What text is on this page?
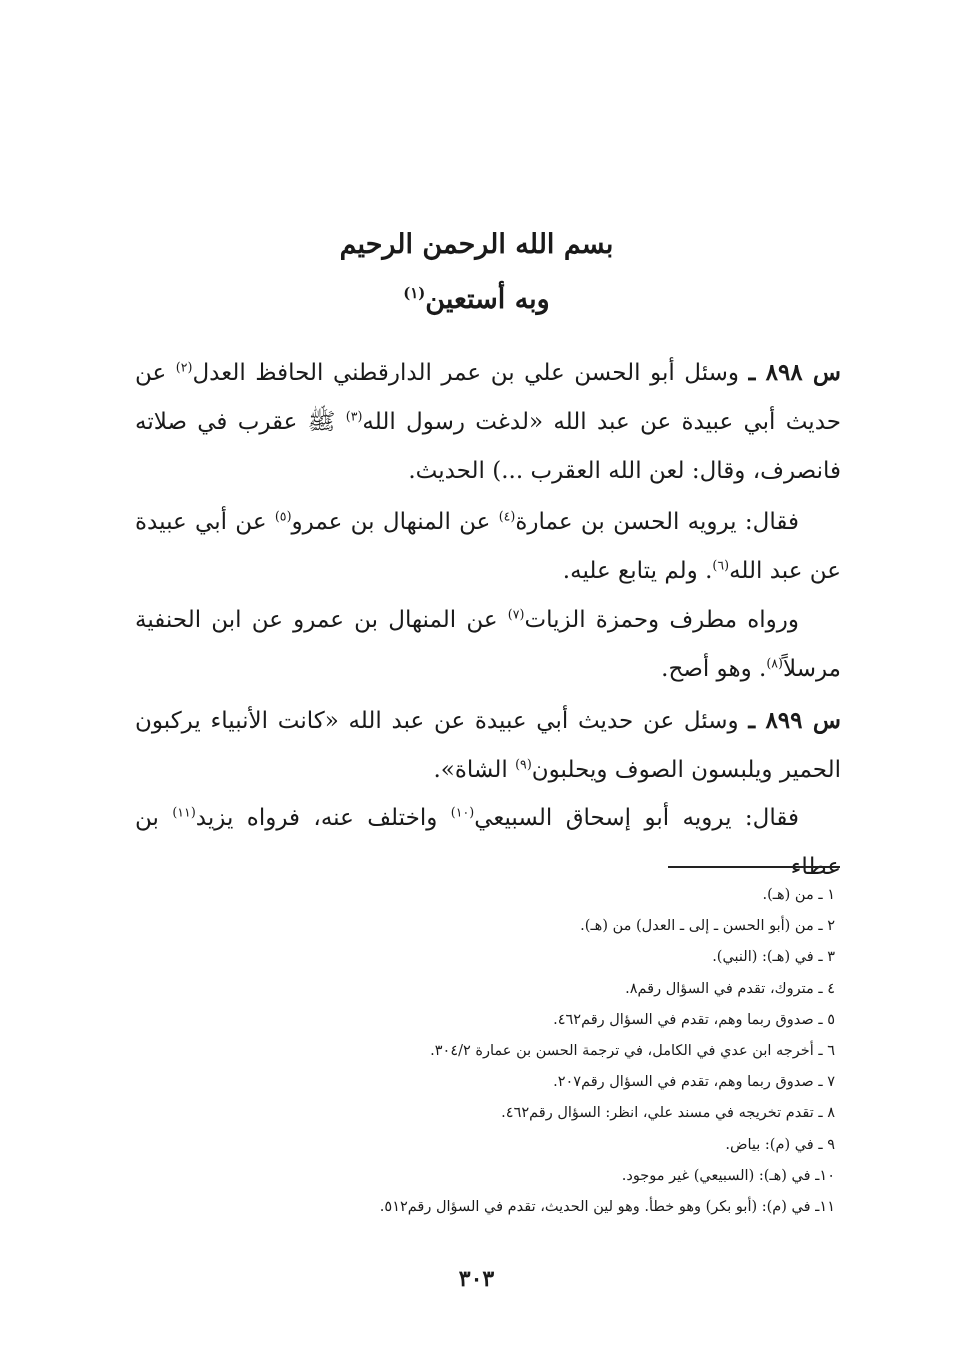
بسم الله الرحمن الرحيم
وبه أستعين$^{(١)}$

س ٨٩٨ ـ وسئل أبو الحسن علي بن عمر الدارقطني الحافظ العدل$^{(٢)}$ عن حديث أبي عبيدة عن عبد الله «لدغت رسول الله$^{(٣)}$ ﷺ عقرب في صلاته فانصرف، وقال: لعن الله العقرب ...) الحديث.

فقال: يرويه الحسن بن عمارة$^{(٤)}$ عن المنهال بن عمرو$^{(٥)}$ عن أبي عبيدة عن عبد الله$^{(٦)}$. ولم يتابع عليه.

ورواه مطرف وحمزة الزيات$^{(٧)}$ عن المنهال بن عمرو عن ابن الحنفية مرسلاً$^{(٨)}$. وهو أصح.

س ٨٩٩ ـ وسئل عن حديث أبي عبيدة عن عبد الله «كانت الأنبياء يركبون الحمير ويلبسون الصوف ويحلبون$^{(٩)}$ الشاة».

فقال: يرويه أبو إسحاق السبيعي$^{(١٠)}$ واختلف عنه، فرواه يزيد$^{(١١)}$ بن عطاء

١ ـ من (هـ).
٢ ـ من (أبو الحسن ـ إلى ـ العدل) من (هـ).
٣ ـ في (هـ): (النبي).
٤ ـ متروك، تقدم في السؤال رقم٨.
٥ ـ صدوق ربما وهم، تقدم في السؤال رقم٤٦٢.
٦ ـ أخرجه ابن عدي في الكامل، في ترجمة الحسن بن عمارة ٣٠٤/٢.
٧ ـ صدوق ربما وهم، تقدم في السؤال رقم٢٠٧.
٨ ـ تقدم تخريجه في مسند علي، انظر: السؤال رقم٤٦٢.
٩ ـ في (م): بياض.
١٠ـ في (هـ): (السبيعي) غير موجود.
١١ـ في (م): (أبو بكر) وهو خطأ. وهو لين الحديث، تقدم في السؤال رقم٥١٢.
٣٠٣
